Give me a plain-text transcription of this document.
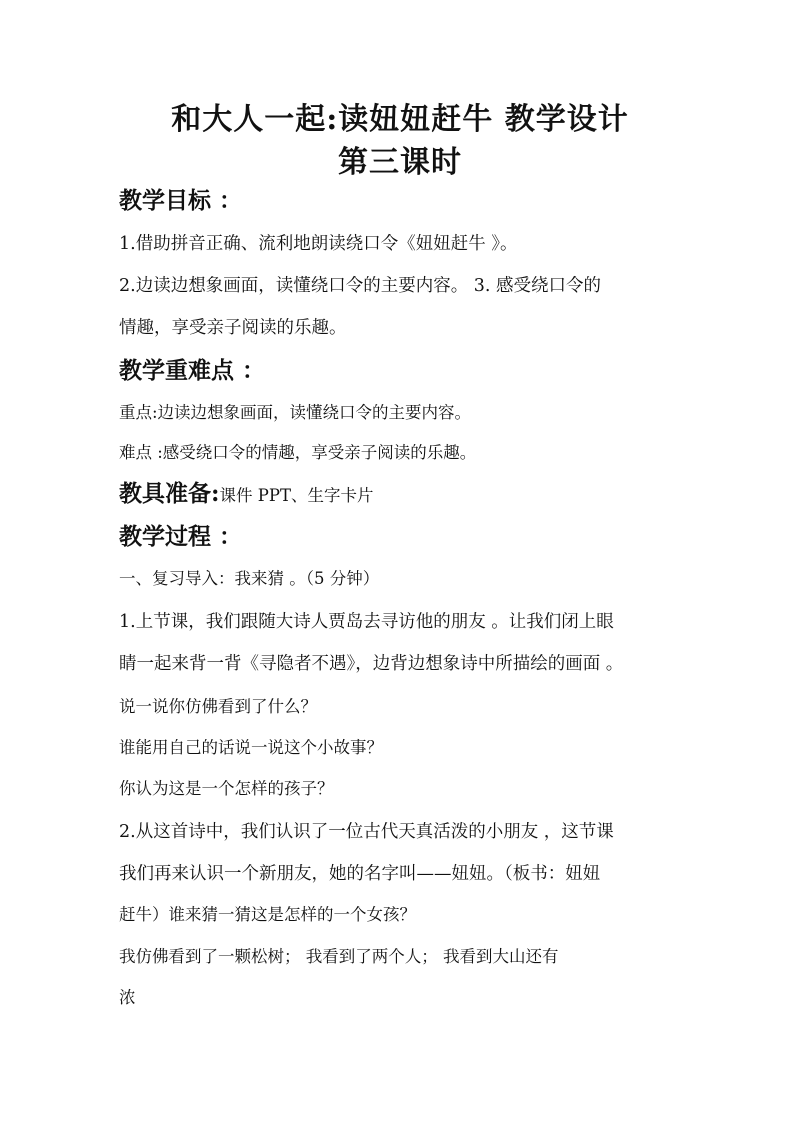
和大人一起:读妞妞赶牛 教学设计
第三课时
教学目标 ：
1.借助拼音正确、流利地朗读绕口令《妞妞赶牛 》。
2.边读边想象画面，读懂绕口令的主要内容。 3. 感受绕口令的
情趣，享受亲子阅读的乐趣。
教学重难点 ：
重点:边读边想象画面，读懂绕口令的主要内容。
难点 :感受绕口令的情趣，享受亲子阅读的乐趣。
教具准备:课件 PPT、生字卡片
教学过程 ：
一、复习导入：我来猜 。（5 分钟）
1.上节课，我们跟随大诗人贾岛去寻访他的朋友 。让我们闭上眼
睛一起来背一背《寻隐者不遇》，边背边想象诗中所描绘的画面 。
说一说你仿佛看到了什么？
谁能用自己的话说一说这个小故事？
你认为这是一个怎样的孩子？
2.从这首诗中，我们认识了一位古代天真活泼的小朋友 ，这节课
我们再来认识一个新朋友，她的名字叫——妞妞。（板书：妞妞
赶牛）谁来猜一猜这是怎样的一个女孩？
我仿佛看到了一颗松树； 我看到了两个人； 我看到大山还有
浓
